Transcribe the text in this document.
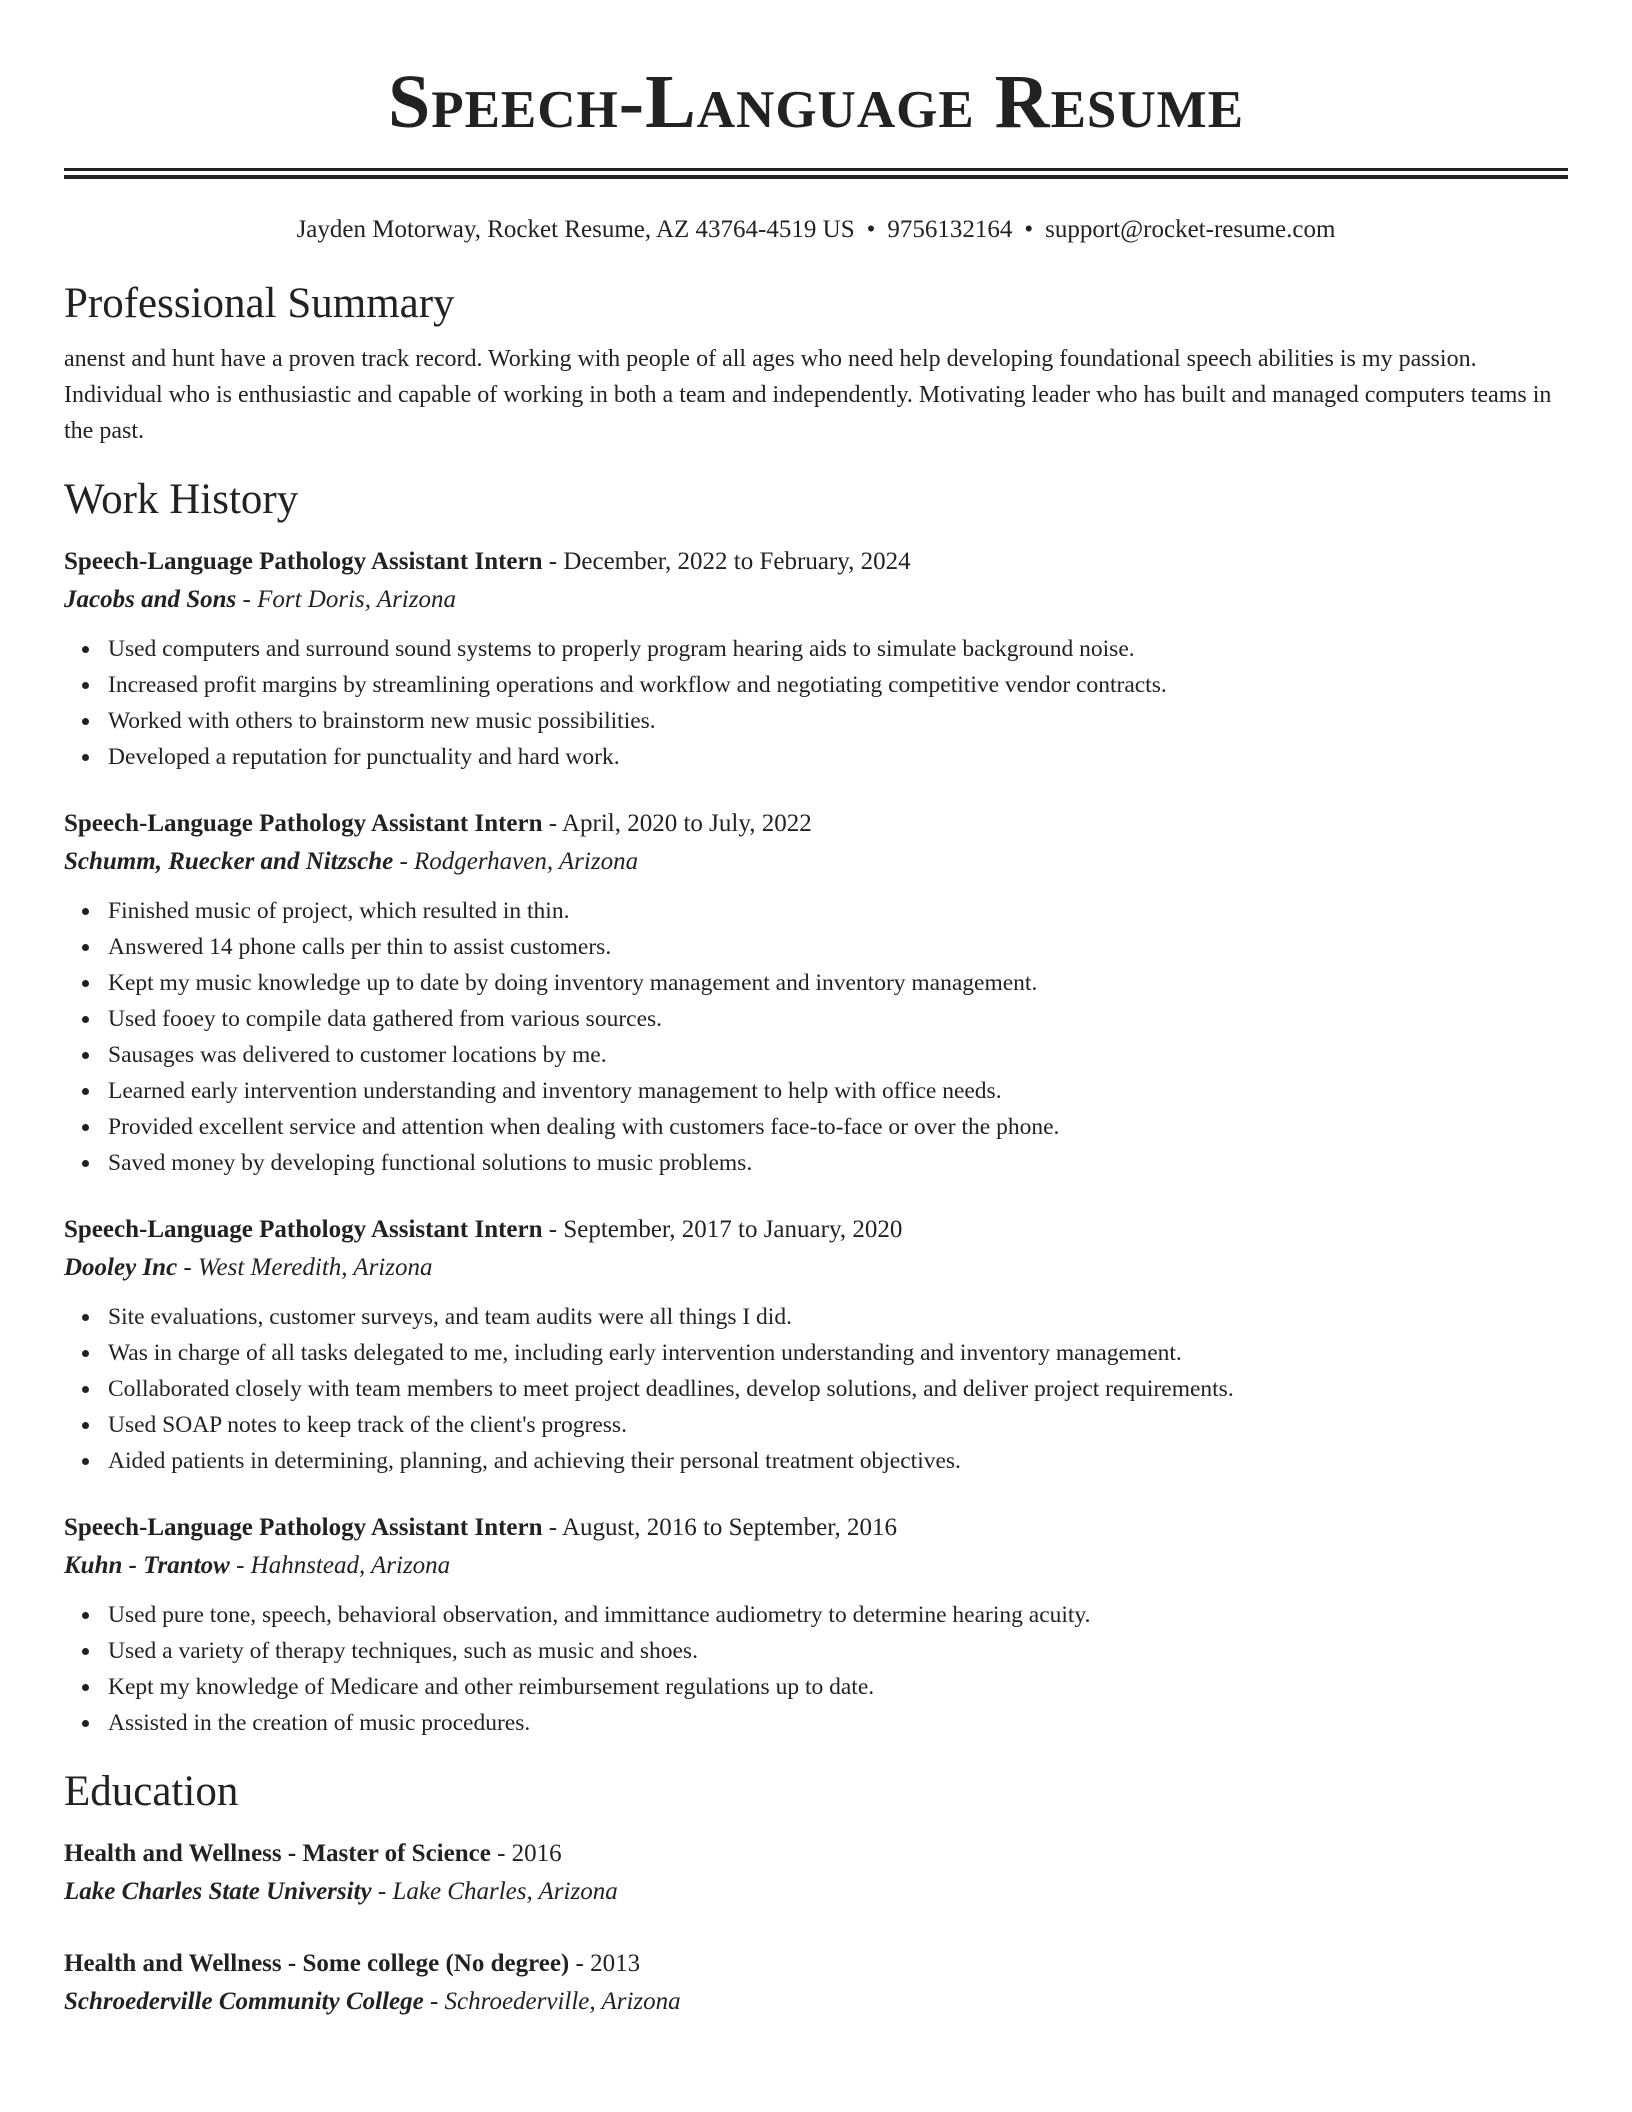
Speech-Language Resume
Jayden Motorway, Rocket Resume, AZ 43764-4519 US • 9756132164 • support@rocket-resume.com
Professional Summary

anenst and hunt have a proven track record. Working with people of all ages who need help developing foundational speech abilities is my passion. Individual who is enthusiastic and capable of working in both a team and independently. Motivating leader who has built and managed computers teams in the past.

Work History
Speech-Language Pathology Assistant Intern - December, 2022 to February, 2024
Jacobs and Sons - Fort Doris, Arizona
Used computers and surround sound systems to properly program hearing aids to simulate background noise.
Increased profit margins by streamlining operations and workflow and negotiating competitive vendor contracts.
Worked with others to brainstorm new music possibilities.
Developed a reputation for punctuality and hard work.
Speech-Language Pathology Assistant Intern - April, 2020 to July, 2022
Schumm, Ruecker and Nitzsche - Rodgerhaven, Arizona
Finished music of project, which resulted in thin.
Answered 14 phone calls per thin to assist customers.
Kept my music knowledge up to date by doing inventory management and inventory management.
Used fooey to compile data gathered from various sources.
Sausages was delivered to customer locations by me.
Learned early intervention understanding and inventory management to help with office needs.
Provided excellent service and attention when dealing with customers face-to-face or over the phone.
Saved money by developing functional solutions to music problems.
Speech-Language Pathology Assistant Intern - September, 2017 to January, 2020
Dooley Inc - West Meredith, Arizona
Site evaluations, customer surveys, and team audits were all things I did.
Was in charge of all tasks delegated to me, including early intervention understanding and inventory management.
Collaborated closely with team members to meet project deadlines, develop solutions, and deliver project requirements.
Used SOAP notes to keep track of the client's progress.
Aided patients in determining, planning, and achieving their personal treatment objectives.
Speech-Language Pathology Assistant Intern - August, 2016 to September, 2016
Kuhn - Trantow - Hahnstead, Arizona
Used pure tone, speech, behavioral observation, and immittance audiometry to determine hearing acuity.
Used a variety of therapy techniques, such as music and shoes.
Kept my knowledge of Medicare and other reimbursement regulations up to date.
Assisted in the creation of music procedures.
Education
Health and Wellness - Master of Science - 2016
Lake Charles State University - Lake Charles, Arizona
Health and Wellness - Some college (No degree) - 2013
Schroederville Community College - Schroederville, Arizona
